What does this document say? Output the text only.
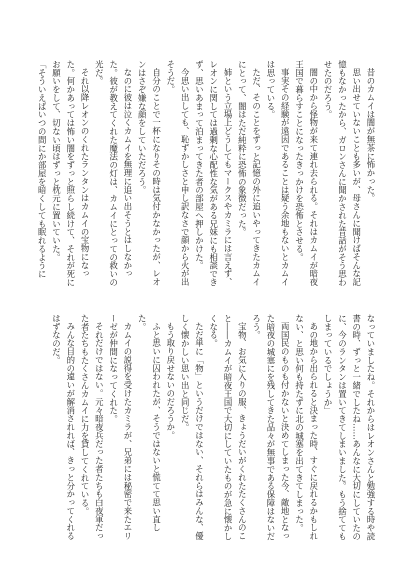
昔のカムイは闇が無茶に怖かった。

思い出せていないことも多いが、母さんに聞けばそんな記憶もなかったから、ガロンさんに聞かされた昔話がそう思わせたのだろう。

闇の中から怪物が来て連れ去られる。それはカムイが暗夜王国で暮らすことになったきっかけを恐怖とさせる。

事実その経験が遠因であることは疑う余地もないとカムイは思っている。

ただ、そのことをずっと記憶の外に追いやってきたカムイにとって、闇はただ純粋に恐怖の象徴だった。

姉という立場上どうしてもマークスやカミラには言えず、レオンに関しては過剰な心配性な気がある兄妹にも相談できず、思いあまって泊まってきた者の部屋へ押しかけた。

今思い出しても、恥ずかしさと申し訳なさで顔から火が出そうだ。

自分のことで一杯になりその時は気付かなかったが、レオンはさぞ嫌な顔をしていただろう。

なのに彼は泣くカムイを無理に追い出そうとはしなかった。彼が教えてくれた魔法の灯は、カムイにとっての救いの光だ。

それ以降レオンのくれたランタンはカムイの宝物になった。何かあっては怖い闇をずっと照らし続けて、それが死にお願いをして、切ない頃はずっと枕元に置いていた。

「そういえばいつの間にか部屋を暗くしても眠れるように

なっていましたね。それからはレオンさんと勉強する時や読書の時、ずっと一緒でしたね……あんなに大切にしていたのに、今のランタンは置いてきてしまいました。もう捨ててもしまっているでしょうか」

あの地から出られると決まった時、すぐに戻れるかもしれない、と思い何も持たずに北の城塞を出てきてしまった。

両国民のものも付かないと決めてしまった今、敵地となった暗夜の城塞にを残してきた品々が無事である保障はないだろう。

宝物、お気に入りの服、きょうだいがくれたたくさんのこと――カムイが暗夜王国で大切にしていたものが急に懐かしくなる。

ただ単に「物」というだけではない、それらはみんな、優しく懐かしい思い出と同じだ。

もう取り戻せないのだろうか。

ふと思いに囚われたが、そうではないと慌てて思い直した。

カムイの説得を受けたカミラが、兄弟には秘密で来たエリーゼが仲間になってくれた。

それだけではない。元々暗夜兵だった者たちも白夜軍だった者たちもたくさんカムイに力を貸してくれている。

みんな目的の違いが解消されれば、きっと分かってくれるはずなのだ。
